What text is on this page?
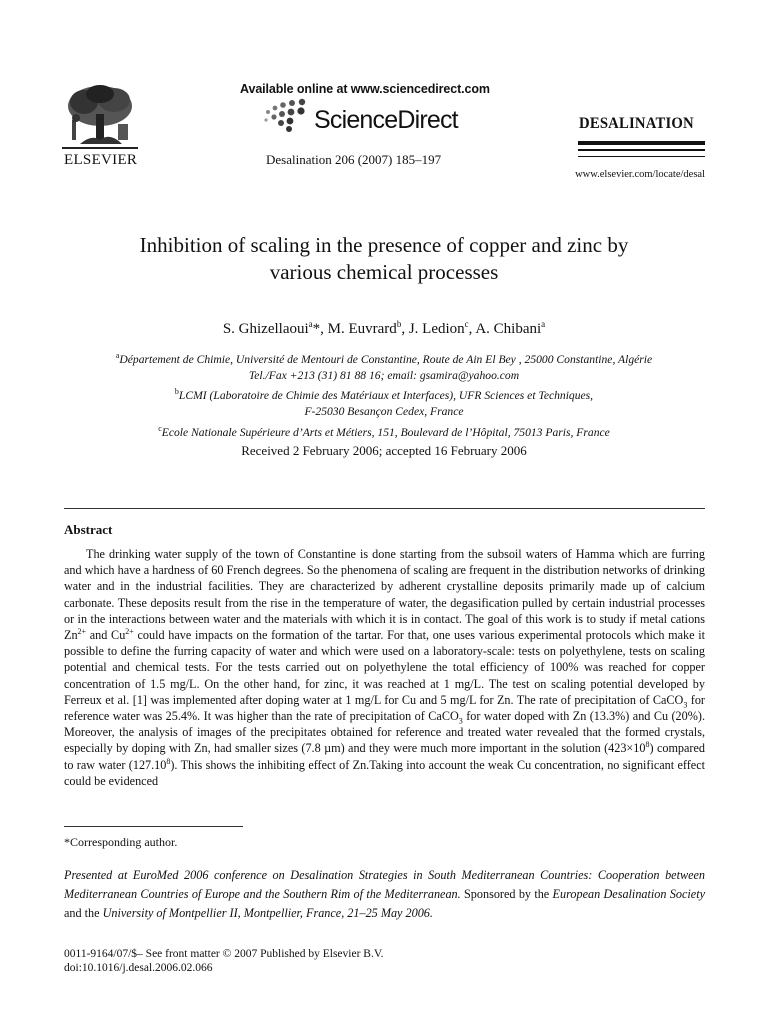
ELSEVIER
Available online at www.sciencedirect.com
ScienceDirect
Desalination 206 (2007) 185–197
DESALINATION
www.elsevier.com/locate/desal
Inhibition of scaling in the presence of copper and zinc by
various chemical processes
S. Ghizellaoui$^a$*, M. Euvrard$^b$, J. Ledion$^c$, A. Chibani$^a$
$^a$Département de Chimie, Université de Mentouri de Constantine, Route de Ain El Bey , 25000 Constantine, Algérie
Tel./Fax +213 (31) 81 88 16; email: gsamira@yahoo.com
$^b$LCMI (Laboratoire de Chimie des Matériaux et Interfaces), UFR Sciences et Techniques,
F-25030 Besançon Cedex, France
$^c$Ecole Nationale Supérieure d’Arts et Métiers, 151, Boulevard de l’Hôpital, 75013 Paris, France
Received 2 February 2006; accepted 16 February 2006
Abstract
The drinking water supply of the town of Constantine is done starting from the subsoil waters of Hamma which are furring and which have a hardness of 60 French degrees. So the phenomena of scaling are frequent in the distribution networks of drinking water and in the industrial facilities. They are characterized by adherent crystalline deposits primarily made up of calcium carbonate. These deposits result from the rise in the temperature of water, the degasification pulled by certain industrial processes or in the interactions between water and the materials with which it is in contact. The goal of this work is to study if metal cations $Zn^{2+}$ and $Cu^{2+}$ could have impacts on the formation of the tartar. For that, one uses various experimental protocols which make it possible to define the furring capacity of water and which were used on a laboratory-scale: tests on polyethylene, tests on scaling potential and chemical tests. For the tests carried out on polyethylene the total efficiency of 100% was reached for copper concentration of 1.5 mg/L. On the other hand, for zinc, it was reached at 1 mg/L. The test on scaling potential developed by Ferreux et al. [1] was implemented after doping water at 1 mg/L for Cu and 5 mg/L for Zn. The rate of precipitation of CaCO$_3$ for reference water was 25.4%. It was higher than the rate of precipitation of CaCO$_3$ for water doped with Zn (13.3%) and Cu (20%). Moreover, the analysis of images of the precipitates obtained for reference and treated water revealed that the formed crystals, especially by doping with Zn, had smaller sizes (7.8 µm) and they were much more important in the solution $(423\times 10^8)$ compared to raw water (127.10$^8$). This shows the inhibiting effect of Zn.Taking into account the weak Cu concentration, no significant effect could be evidenced
*Corresponding author.
Presented at EuroMed 2006 conference on Desalination Strategies in South Mediterranean Countries: Cooperation between Mediterranean Countries of Europe and the Southern Rim of the Mediterranean. Sponsored by the European Desalination Society and the University of Montpellier II, Montpellier, France, 21–25 May 2006.
0011-9164/07/$– See front matter © 2007 Published by Elsevier B.V.
doi:10.1016/j.desal.2006.02.066
